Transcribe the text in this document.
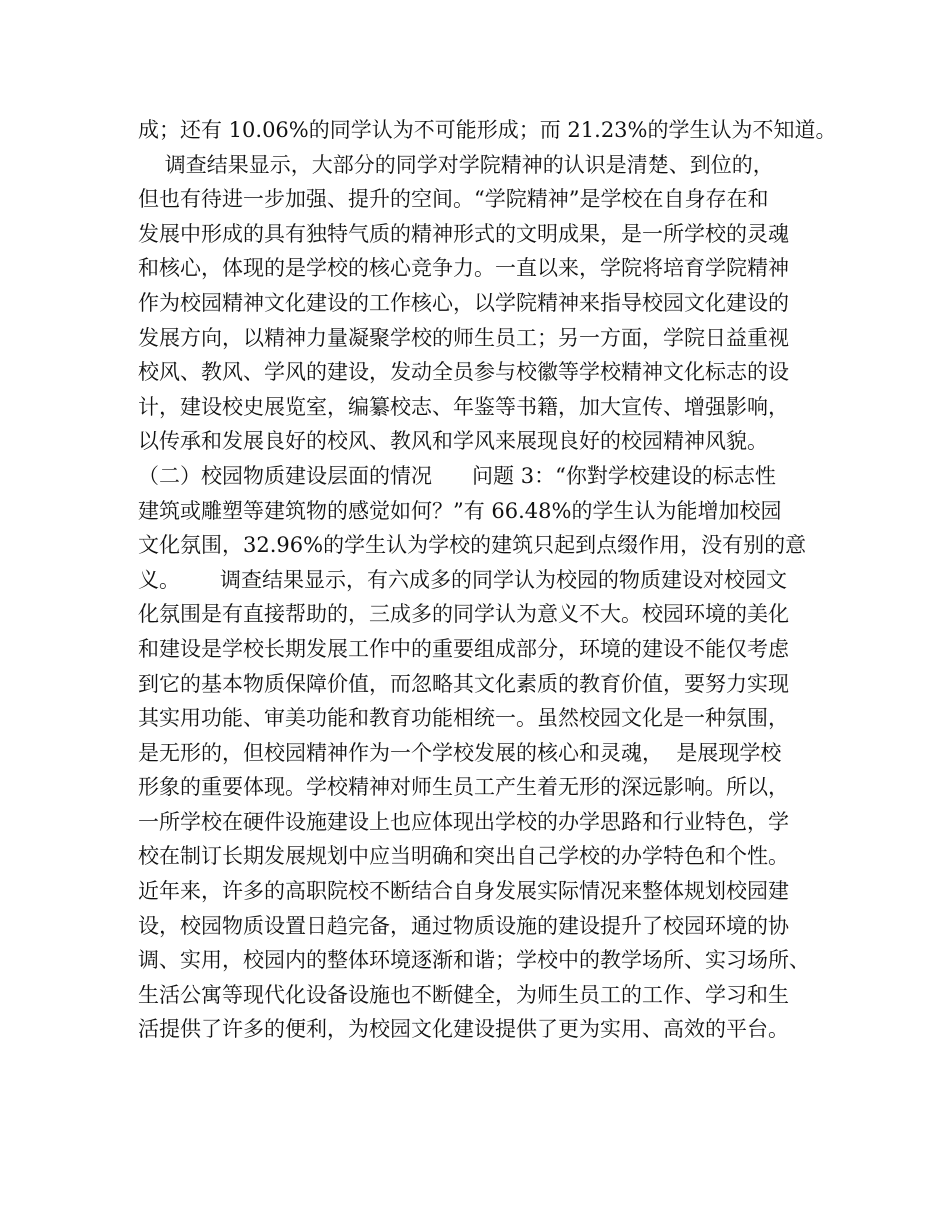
成；还有 10.06%的同学认为不可能形成；而 21.23%的学生认为不知道。
调查结果显示，大部分的同学对学院精神的认识是清楚、到位的，
但也有待进一步加强、提升的空间。“学院精神”是学校在自身存在和
发展中形成的具有独特气质的精神形式的文明成果，是一所学校的灵魂
和核心，体现的是学校的核心竞争力。一直以来，学院将培育学院精神
作为校园精神文化建设的工作核心，以学院精神来指导校园文化建设的
发展方向，以精神力量凝聚学校的师生员工；另一方面，学院日益重视
校风、教风、学风的建设，发动全员参与校徽等学校精神文化标志的设
计，建设校史展览室，编纂校志、年鉴等书籍，加大宣传、增强影响，
以传承和发展良好的校风、教风和学风来展现良好的校园精神风貌。
（二）校园物质建设层面的情况      问题 3：“你對学校建设的标志性
建筑或雕塑等建筑物的感觉如何？”有 66.48%的学生认为能增加校园
文化氛围，32.96%的学生认为学校的建筑只起到点缀作用，没有别的意
义。      调查结果显示，有六成多的同学认为校园的物质建设对校园文
化氛围是有直接帮助的，三成多的同学认为意义不大。校园环境的美化
和建设是学校长期发展工作中的重要组成部分，环境的建设不能仅考虑
到它的基本物质保障价值，而忽略其文化素质的教育价值，要努力实现
其实用功能、审美功能和教育功能相统一。虽然校园文化是一种氛围，
是无形的，但校园精神作为一个学校发展的核心和灵魂，  是展现学校
形象的重要体现。学校精神对师生员工产生着无形的深远影响。所以，
一所学校在硬件设施建设上也应体现出学校的办学思路和行业特色，学
校在制订长期发展规划中应当明确和突出自己学校的办学特色和个性。
近年来，许多的高职院校不断结合自身发展实际情况来整体规划校园建
设，校园物质设置日趋完备，通过物质设施的建设提升了校园环境的协
调、实用，校园内的整体环境逐渐和谐；学校中的教学场所、实习场所、
生活公寓等现代化设备设施也不断健全，为师生员工的工作、学习和生
活提供了许多的便利，为校园文化建设提供了更为实用、高效的平台。
